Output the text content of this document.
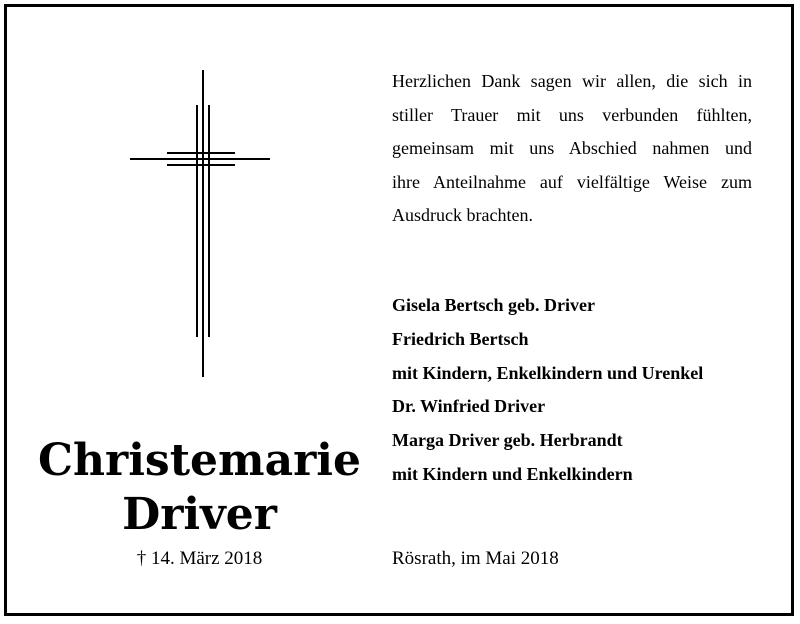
Christemarie
Driver
† 14. März 2018
Herzlichen Dank sagen wir allen, die sich in
stiller Trauer mit uns verbunden fühlten,
gemeinsam mit uns Abschied nahmen und
ihre Anteilnahme auf vielfältige Weise zum
Ausdruck brachten.
Gisela Bertsch geb. Driver
Friedrich Bertsch
mit Kindern, Enkelkindern und Urenkel
Dr. Winfried Driver
Marga Driver geb. Herbrandt
mit Kindern und Enkelkindern
Rösrath, im Mai 2018
